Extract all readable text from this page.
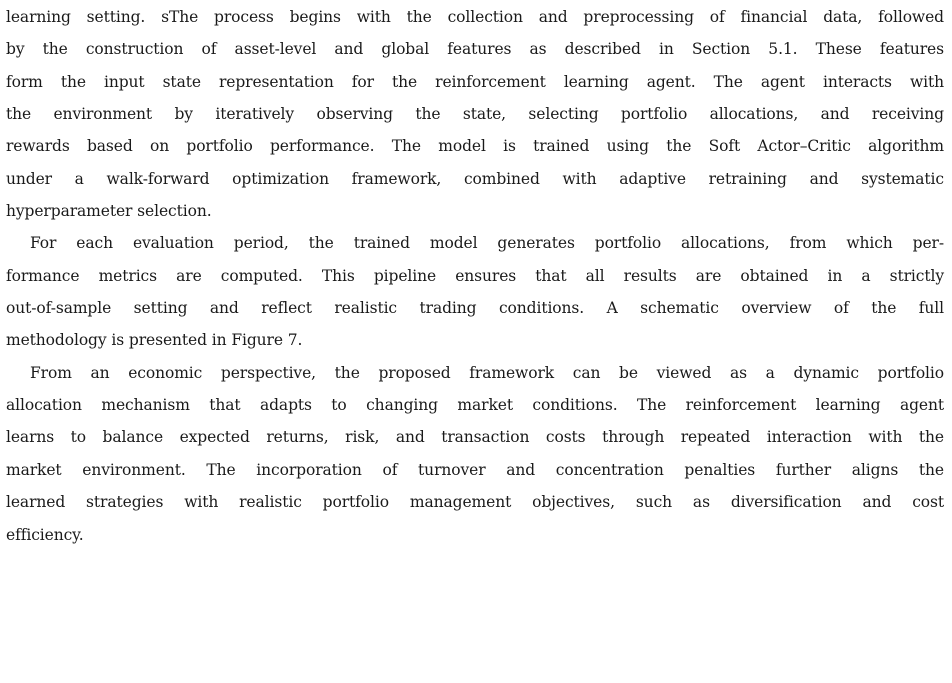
learning setting. sThe process begins with the collection and preprocessing of financial data, followed
by the construction of asset-level and global features as described in Section 5.1. These features
form the input state representation for the reinforcement learning agent. The agent interacts with
the environment by iteratively observing the state, selecting portfolio allocations, and receiving
rewards based on portfolio performance. The model is trained using the Soft Actor–Critic algorithm
under a walk-forward optimization framework, combined with adaptive retraining and systematic
hyperparameter selection.
For each evaluation period, the trained model generates portfolio allocations, from which per-
formance metrics are computed. This pipeline ensures that all results are obtained in a strictly
out-of-sample setting and reflect realistic trading conditions. A schematic overview of the full
methodology is presented in Figure 7.
From an economic perspective, the proposed framework can be viewed as a dynamic portfolio
allocation mechanism that adapts to changing market conditions. The reinforcement learning agent
learns to balance expected returns, risk, and transaction costs through repeated interaction with the
market environment. The incorporation of turnover and concentration penalties further aligns the
learned strategies with realistic portfolio management objectives, such as diversification and cost
efficiency.
